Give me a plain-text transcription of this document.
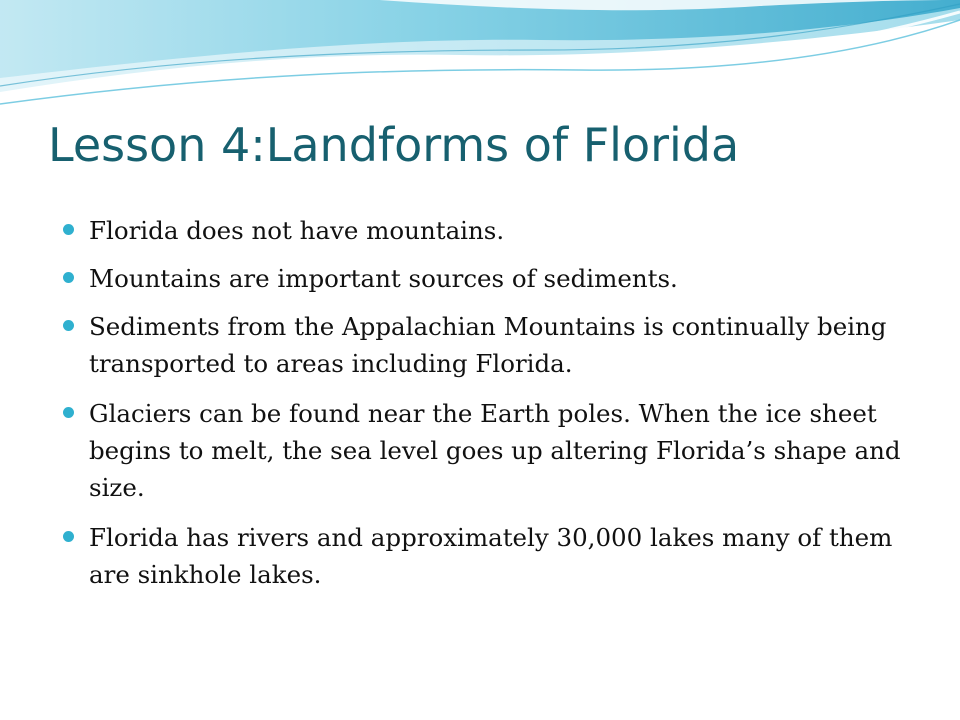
Lesson 4:Landforms of Florida
Florida does not have mountains.
Mountains are important sources of sediments.
Sediments from the Appalachian Mountains is continually being transported to areas including Florida.
Glaciers can be found near the Earth poles. When the ice sheet begins to melt, the sea level goes up altering Florida’s shape and size.
Florida has rivers and approximately 30,000 lakes many of them are sinkhole lakes.
